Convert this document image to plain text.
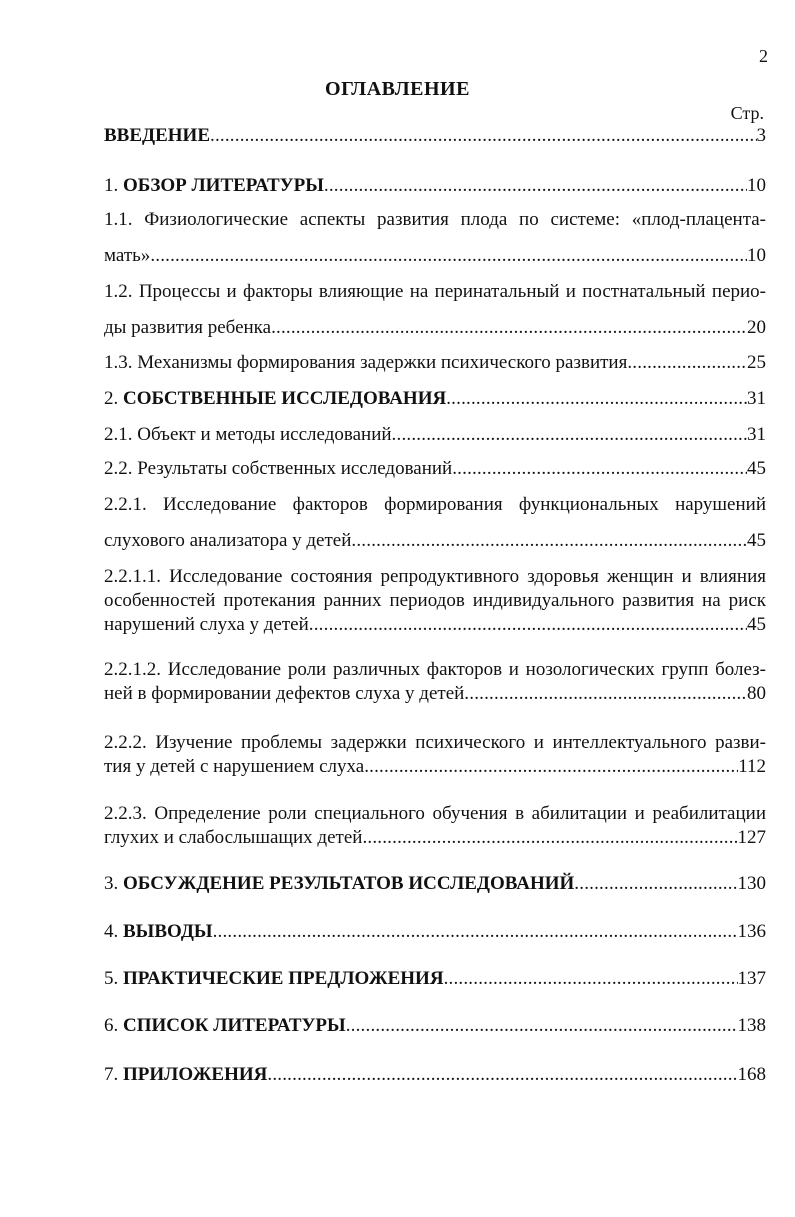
2
ОГЛАВЛЕНИЕ
Стр.
ВВЕДЕНИЕ .....	3
1. ОБЗОР ЛИТЕРАТУРЫ .....	10
1.1. Физиологические аспекты развития плода по системе: «плод-плацента-
мать» .....	10
1.2. Процессы и факторы влияющие на перинатальный и постнатальный перио-
ды развития ребенка .....	20
1.3. Механизмы формирования задержки психического развития .....	25
2. СОБСТВЕННЫЕ ИССЛЕДОВАНИЯ .....	31
2.1. Объект и методы исследований .....	31
2.2. Результаты собственных исследований .....	45
2.2.1. Исследование факторов формирования функциональных нарушений
слухового анализатора у детей .....	45
2.2.1.1. Исследование состояния репродуктивного здоровья женщин и влияния
особенностей протекания ранних периодов индивидуального развития на риск
нарушений слуха у детей .....	45
2.2.1.2. Исследование роли различных факторов и нозологических групп болез-
ней в формировании дефектов слуха у детей .....	80
2.2.2. Изучение проблемы задержки психического и интеллектуального разви-
тия у детей с нарушением слуха .....	112
2.2.3. Определение роли специального обучения в абилитации и реабилитации
глухих и слабослышащих детей .....	127
3. ОБСУЖДЕНИЕ РЕЗУЛЬТАТОВ ИССЛЕДОВАНИЙ .....	130
4. ВЫВОДЫ .....	136
5. ПРАКТИЧЕСКИЕ ПРЕДЛОЖЕНИЯ .....	137
6. СПИСОК ЛИТЕРАТУРЫ .....	138
7. ПРИЛОЖЕНИЯ .....	168
